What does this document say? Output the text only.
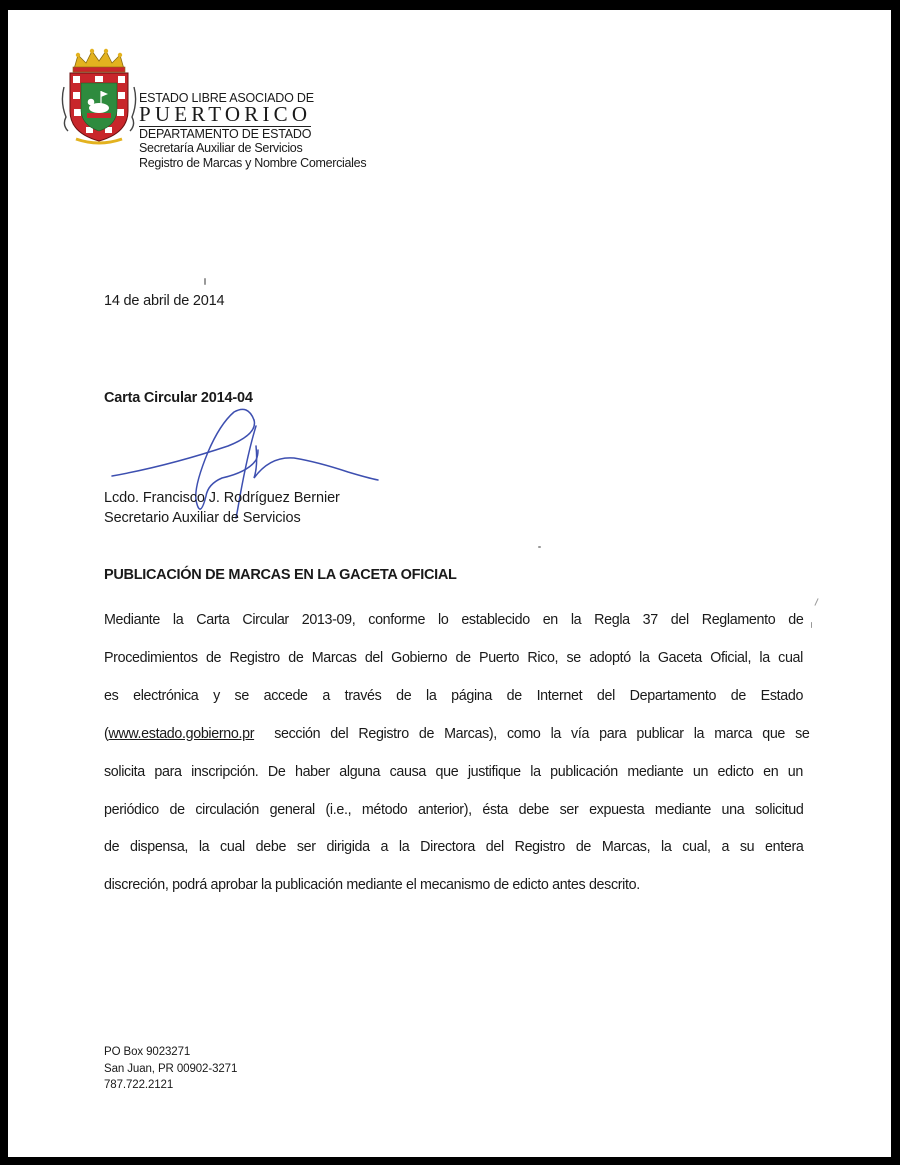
ESTADO LIBRE ASOCIADO DE
PUERTORICO
DEPARTAMENTO DE ESTADO
Secretaría Auxiliar de Servicios
Registro de Marcas y Nombre Comerciales
14 de abril de 2014
Carta Circular 2014-04
Lcdo. Francisco J. Rodríguez Bernier
Secretario Auxiliar de Servicios
PUBLICACIÓN DE MARCAS EN LA GACETA OFICIAL
Mediante la Carta Circular 2013-09, conforme lo establecido en la Regla 37 del Reglamento de
Procedimientos de Registro de Marcas del Gobierno de Puerto Rico, se adoptó la Gaceta Oficial, la cual
es electrónica y se accede a través de la página de Internet del Departamento de Estado
(www.estado.gobierno.pr sección del Registro de Marcas), como la vía para publicar la marca que se
solicita para inscripción. De haber alguna causa que justifique la publicación mediante un edicto en un
periódico de circulación general (i.e., método anterior), ésta debe ser expuesta mediante una solicitud
de dispensa, la cual debe ser dirigida a la Directora del Registro de Marcas, la cual, a su entera
discreción, podrá aprobar la publicación mediante el mecanismo de edicto antes descrito.
PO Box 9023271
San Juan, PR 00902-3271
787.722.2121
